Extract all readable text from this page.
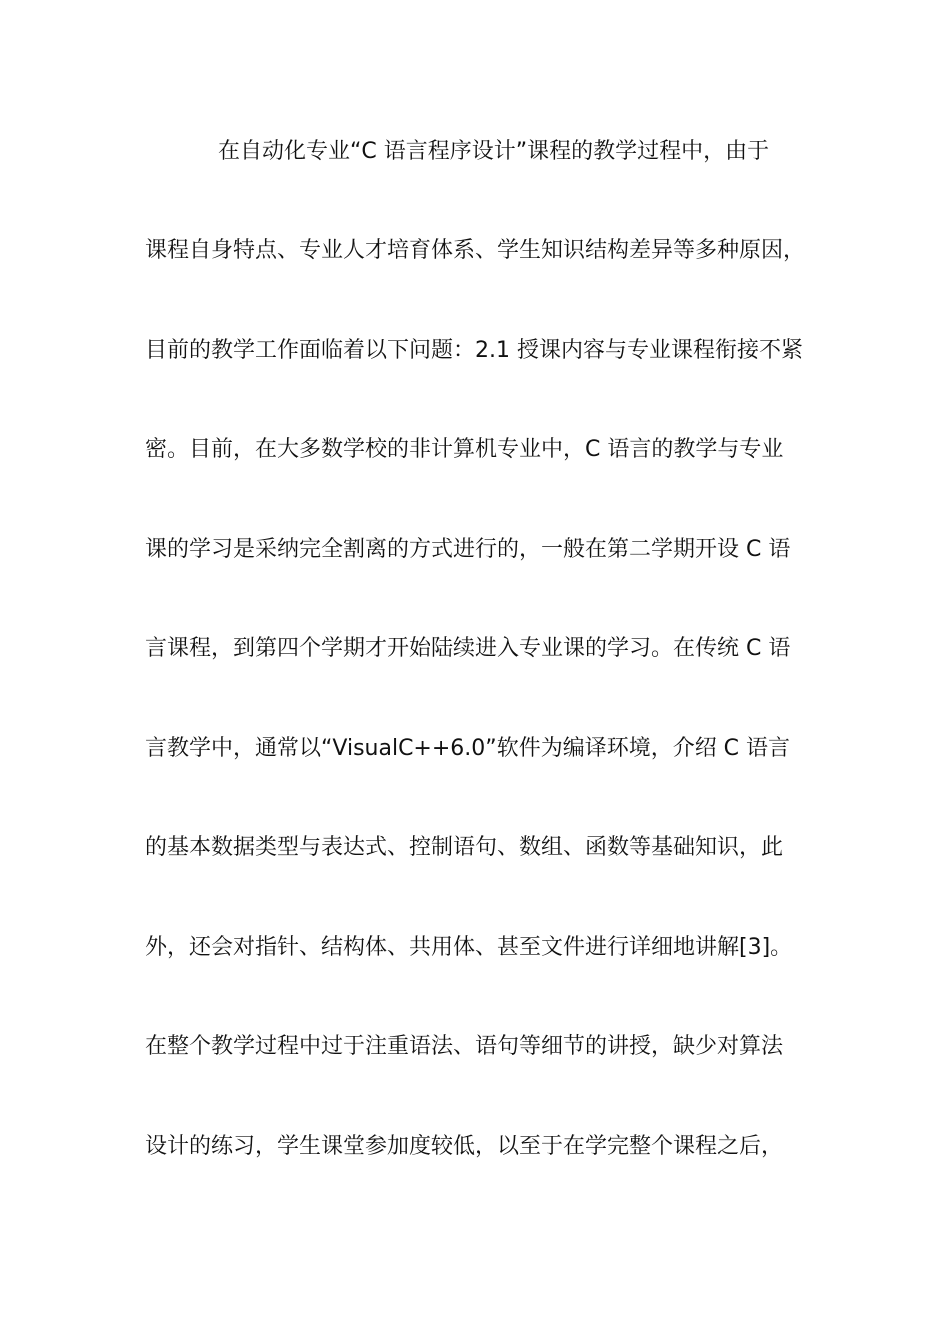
在自动化专业“C 语言程序设计”课程的教学过程中，由于
课程自身特点、专业人才培育体系、学生知识结构差异等多种原因，
目前的教学工作面临着以下问题：2.1 授课内容与专业课程衔接不紧
密。目前，在大多数学校的非计算机专业中，C 语言的教学与专业
课的学习是采纳完全割离的方式进行的，一般在第二学期开设 C 语
言课程，到第四个学期才开始陆续进入专业课的学习。在传统 C 语
言教学中，通常以“VisualC++6.0”软件为编译环境，介绍 C 语言
的基本数据类型与表达式、控制语句、数组、函数等基础知识，此
外，还会对指针、结构体、共用体、甚至文件进行详细地讲解[3]。
在整个教学过程中过于注重语法、语句等细节的讲授，缺少对算法
设计的练习，学生课堂参加度较低，以至于在学完整个课程之后，
